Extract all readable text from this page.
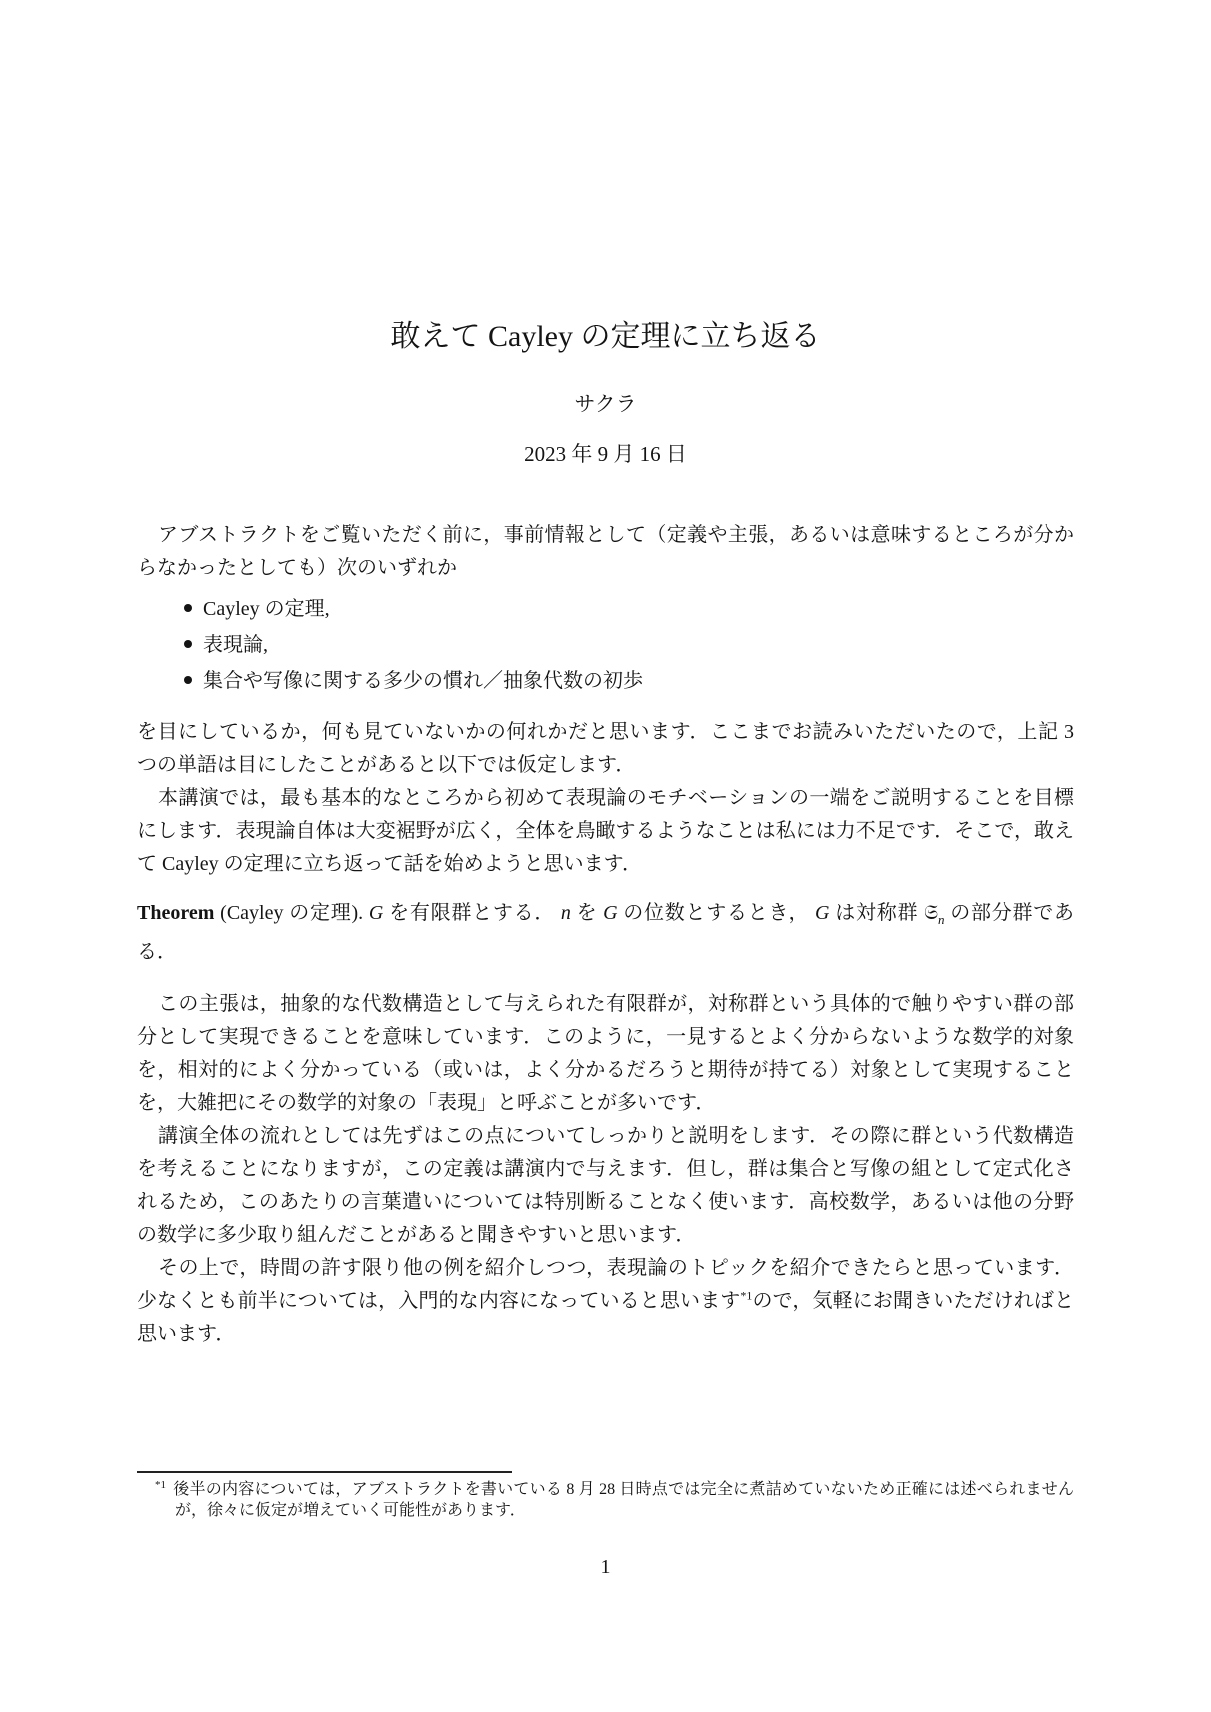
敢えて Cayley の定理に立ち返る
サクラ
2023 年 9 月 16 日

アブストラクトをご覧いただく前に，事前情報として（定義や主張，あるいは意味するところが分からなかったとしても）次のいずれか

Cayley の定理,
表現論,
集合や写像に関する多少の慣れ／抽象代数の初歩

を目にしているか，何も見ていないかの何れかだと思います．ここまでお読みいただいたので，上記 3 つの単語は目にしたことがあると以下では仮定します．

本講演では，最も基本的なところから初めて表現論のモチベーションの一端をご説明することを目標にします．表現論自体は大変裾野が広く，全体を鳥瞰するようなことは私には力不足です．そこで，敢えて Cayley の定理に立ち返って話を始めようと思います．

Theorem (Cayley の定理). G を有限群とする． n を G の位数とするとき， G は対称群 𝔖$_n$ の部分群である．

この主張は，抽象的な代数構造として与えられた有限群が，対称群という具体的で触りやすい群の部分として実現できることを意味しています．このように，一見するとよく分からないような数学的対象を，相対的によく分かっている（或いは，よく分かるだろうと期待が持てる）対象として実現することを，大雑把にその数学的対象の「表現」と呼ぶことが多いです．

講演全体の流れとしては先ずはこの点についてしっかりと説明をします．その際に群という代数構造を考えることになりますが，この定義は講演内で与えます．但し，群は集合と写像の組として定式化されるため，このあたりの言葉遣いについては特別断ることなく使います．高校数学，あるいは他の分野の数学に多少取り組んだことがあると聞きやすいと思います．

その上で，時間の許す限り他の例を紹介しつつ，表現論のトピックを紹介できたらと思っています．少なくとも前半については，入門的な内容になっていると思います$^{*1}$ので，気軽にお聞きいただければと思います．

$^{*1}$ 後半の内容については，アブストラクトを書いている 8 月 28 日時点では完全に煮詰めていないため正確には述べられませんが，徐々に仮定が増えていく可能性があります．
1
